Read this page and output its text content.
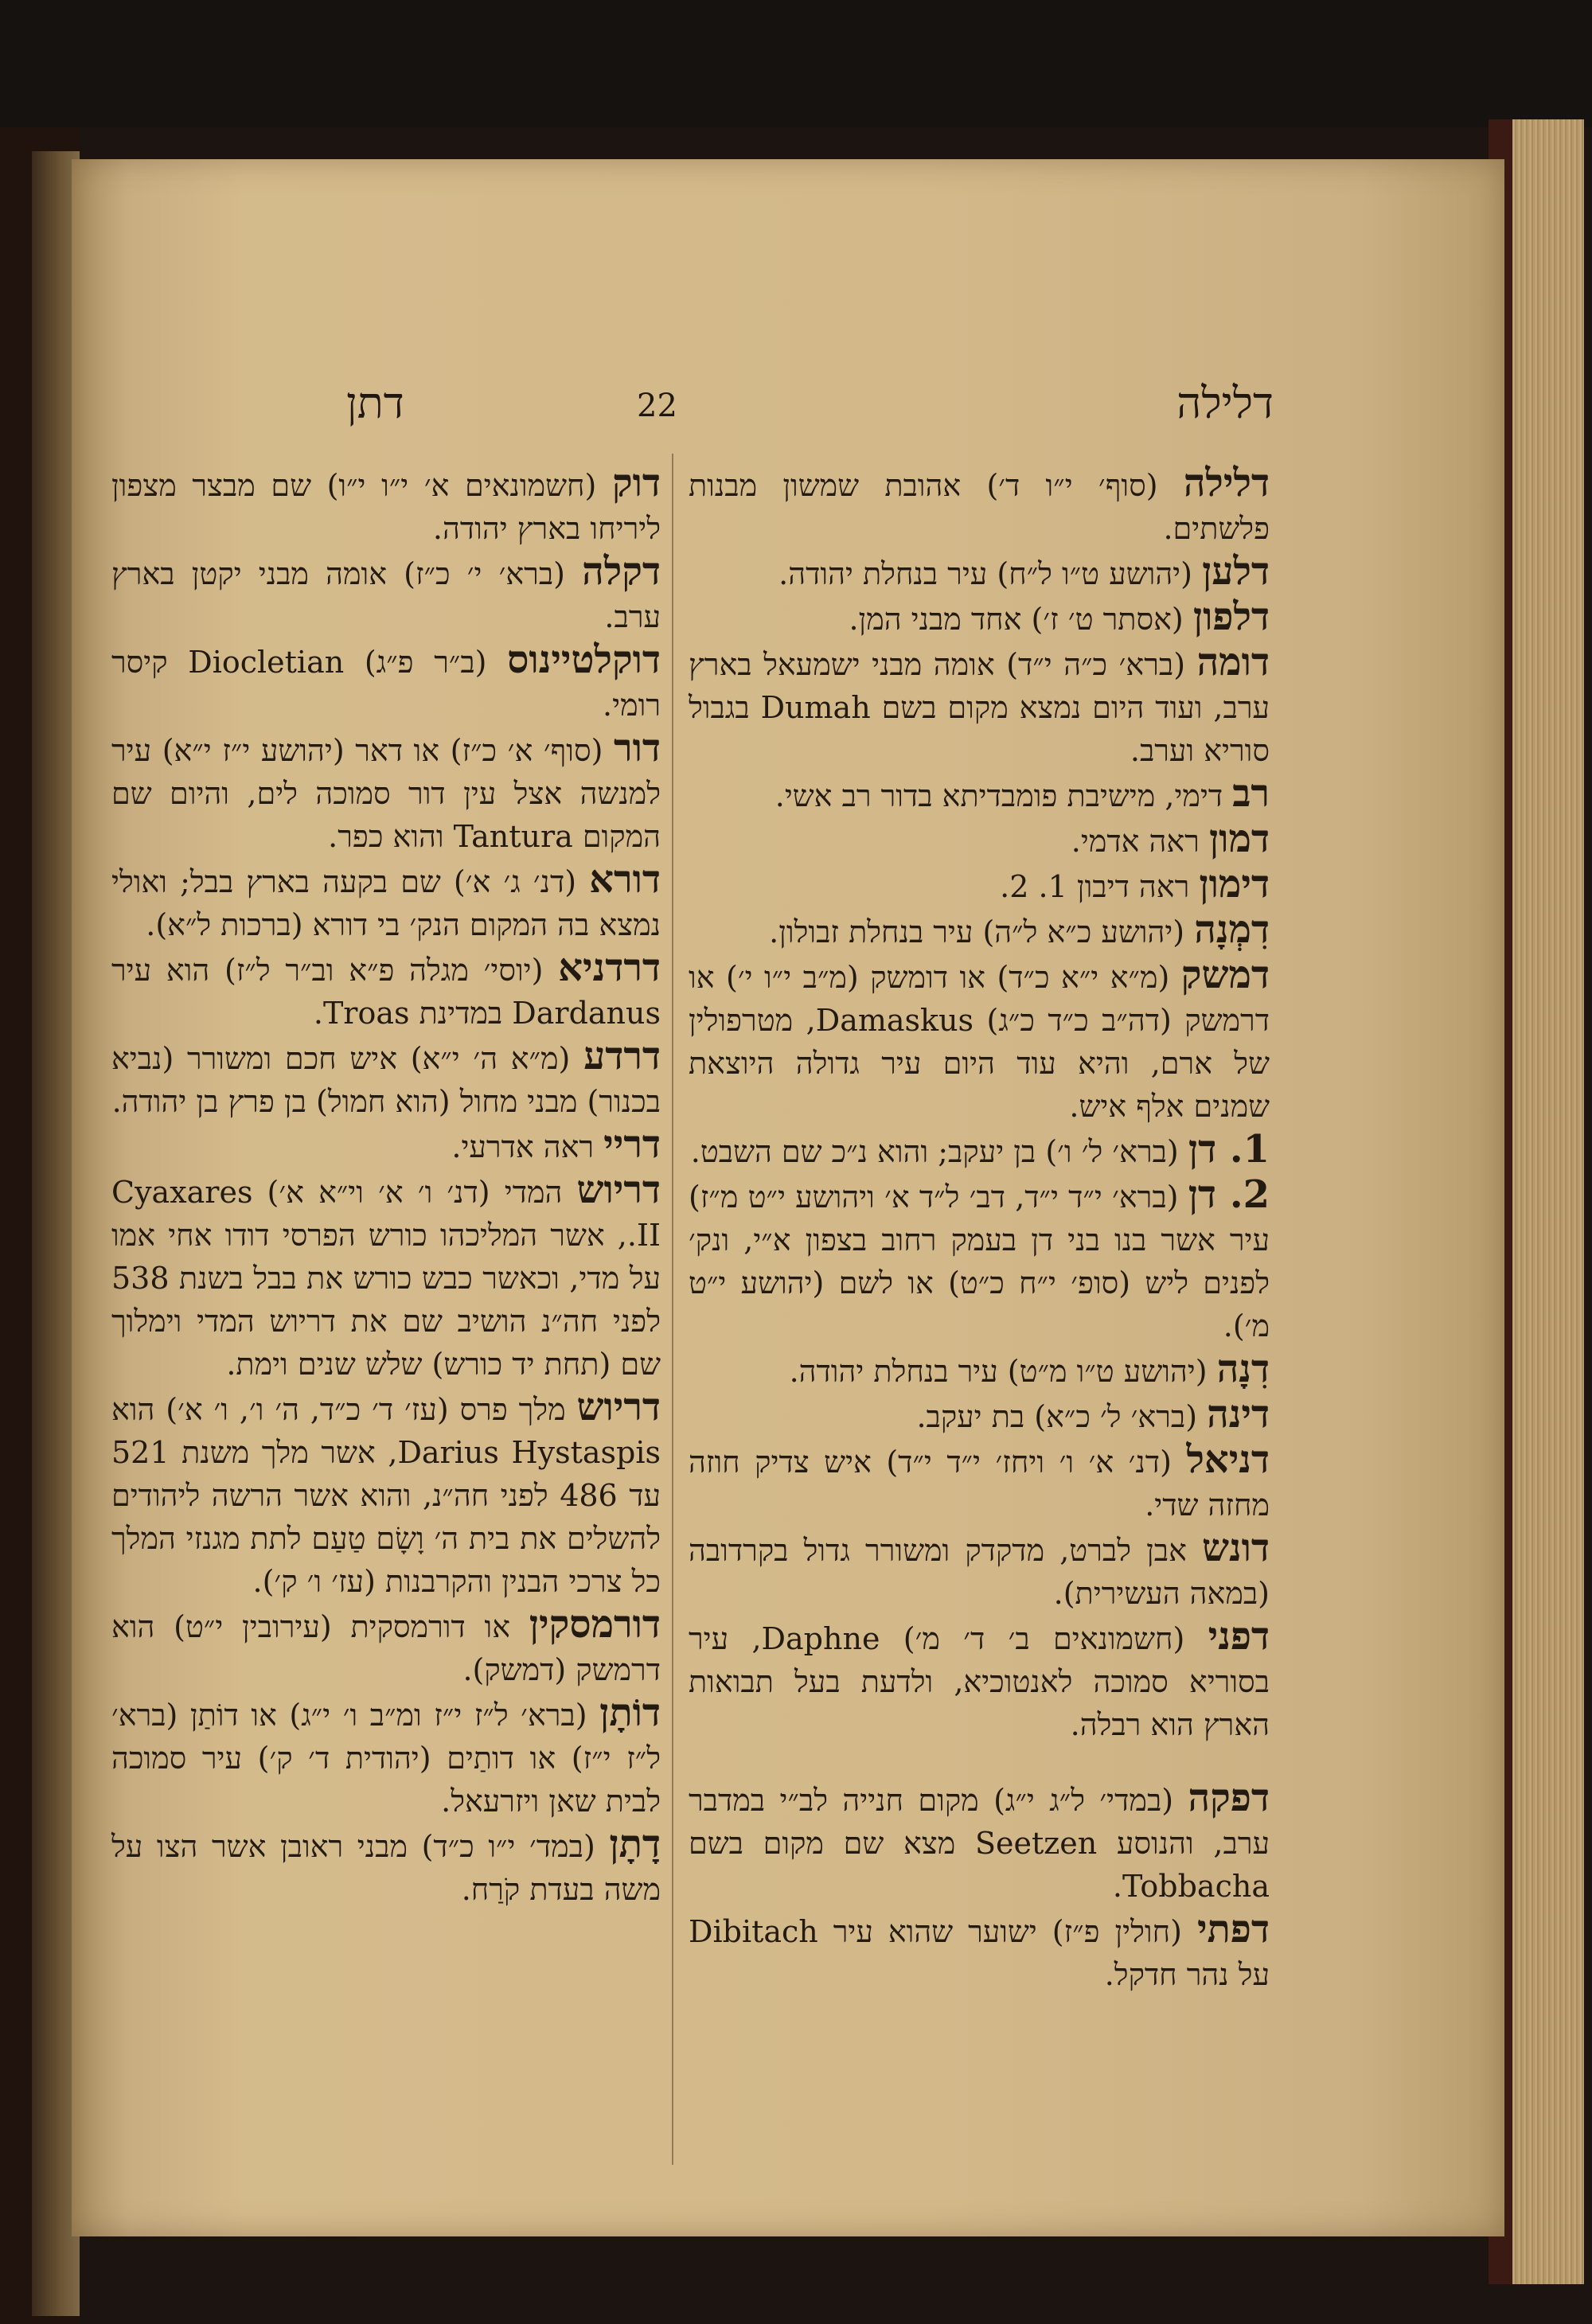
דלילה
22
דתן

דלילה (סוף׳ י״ו ד׳) אהובת שמשון מבנות פלשתים.

דלען (יהושע ט״ו ל״ח) עיר בנחלת יהודה.

דלפון (אסתר ט׳ ז׳) אחד מבני המן.

דומה (ברא׳ כ״ה י״ד) אומה מבני ישמעאל בארץ ערב, ועוד היום נמצא מקום בשם Dumah בגבול סוריא וערב.

רב דימי, מישיבת פומבדיתא בדור רב אשי.

דמון ראה אדמי.

דימון ראה דיבון 1. 2.

דִמְנָה (יהושע כ״א ל״ה) עיר בנחלת זבולון.

דמשק (מ״א י״א כ״ד) או דומשק (מ״ב י״ו י׳) או דרמשק (דה״ב כ״ד כ״ג) Damaskus, מטרפולין של ארם, והיא עוד היום עיר גדולה היוצאת שמנים אלף איש.

1. דן (ברא׳ ל׳ ו׳) בן יעקב; והוא נ״כ שם השבט.

2. דן (ברא׳ י״ד י״ד, דב׳ ל״ד א׳ ויהושע י״ט מ״ז) עיר אשר בנו בני דן בעמק רחוב בצפון א״י, ונק׳ לפנים ליש (סופ׳ י״ח כ״ט) או לשם (יהושע י״ט מ׳).

דִנָה (יהושע ט״ו מ״ט) עיר בנחלת יהודה.

דינה (ברא׳ ל׳ כ״א) בת יעקב.

דניאל (דנ׳ א׳ ו׳ ויחז׳ י״ד י״ד) איש צדיק חוזה מחזה שדי.

דונש אבן לברט, מדקדק ומשורר גדול בקרדובה (במאה העשירית).

דפני (חשמונאים ב׳ ד׳ מ׳) Daphne, עיר בסוריא סמוכה לאנטוכיא, ולדעת בעל תבואות הארץ הוא רבלה.

דפקה (במדי׳ ל״ג י״ג) מקום חנייה לב״י במדבר ערב, והנוסע Seetzen מצא שם מקום בשם Tobbacha.

דפתי (חולין פ״ז) ישוער שהוא עיר Dibitach על נהר חדקל.

דוק (חשמונאים א׳ י״ו י״ו) שם מבצר מצפון ליריחו בארץ יהודה.

דקלה (ברא׳ י׳ כ״ז) אומה מבני יקטן בארץ ערב.

דוקלטיינוס (ב״ר פ״ג) Diocletian קיסר רומי.

דור (סוף׳ א׳ כ״ז) או דאר (יהושע י״ז י״א) עיר למנשה אצל עין דור סמוכה לים, והיום שם המקום Tantura והוא כפר.

דורא (דנ׳ ג׳ א׳) שם בקעה בארץ בבל; ואולי נמצא בה המקום הנק׳ בי דורא (ברכות ל״א).

דרדניא (יוסי׳ מגלה פ״א וב״ר ל״ז) הוא עיר Dardanus במדינת Troas.

דרדע (מ״א ה׳ י״א) איש חכם ומשורר (נביא בכנור) מבני מחול (הוא חמול) בן פרץ בן יהודה.

דריי ראה אדרעי.

דריוש המדי (דנ׳ ו׳ א׳ וי״א א׳) Cyaxares II., אשר המליכהו כורש הפרסי דודו אחי אמו על מדי, וכאשר כבש כורש את בבל בשנת 538 לפני חה״נ הושיב שם את דריוש המדי וימלוך שם (תחת יד כורש) שלש שנים וימת.

דריוש מלך פרס (עז׳ ד׳ כ״ד, ה׳ ו׳, ו׳ א׳) הוא Darius Hystaspis, אשר מלך משנת 521 עד 486 לפני חה״נ, והוא אשר הרשה ליהודים להשלים את בית ה׳ וָשָׂם טַעַם לתת מגנזי המלך כל צרכי הבנין והקרבנות (עז׳ ו׳ ק׳).

דורמסקין או דורמסקית (עירובין י״ט) הוא דרמשק (דמשק).

דוֹתָן (ברא׳ ל״ז י״ז ומ״ב ו׳ י״ג) או דוֹתַן (ברא׳ ל״ז י״ז) או דותַים (יהודית ד׳ ק׳) עיר סמוכה לבית שאן ויזרעאל.

דָתָן (במד׳ י״ו כ״ד) מבני ראובן אשר הצו על משה בעדת קֹרַח.
